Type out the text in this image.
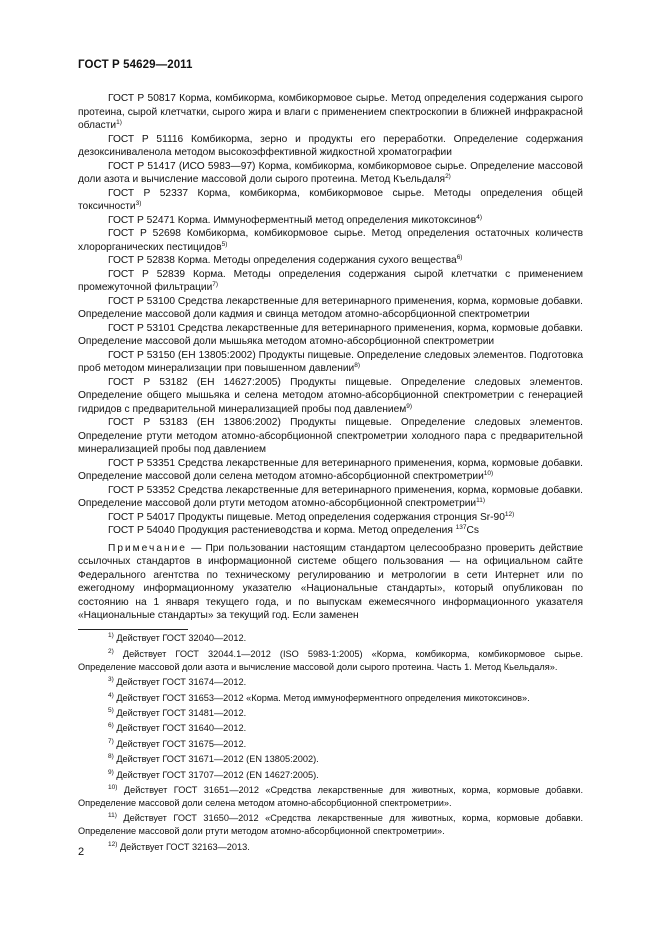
ГОСТ Р 54629—2011

ГОСТ Р 50817 Корма, комбикорма, комбикормовое сырье. Метод определения содержания сырого протеина, сырой клетчатки, сырого жира и влаги с применением спектроскопии в ближней инфракрасной области$^{1)}$

ГОСТ Р 51116 Комбикорма, зерно и продукты его переработки. Определение содержания дезоксиниваленола методом высокоэффективной жидкостной хроматографии

ГОСТ Р 51417 (ИСО 5983—97) Корма, комбикорма, комбикормовое сырье. Определение массовой доли азота и вычисление массовой доли сырого протеина. Метод Къельдаля$^{2)}$

ГОСТ Р 52337 Корма, комбикорма, комбикормовое сырье. Методы определения общей токсичности$^{3)}$

ГОСТ Р 52471 Корма. Иммуноферментный метод определения микотоксинов$^{4)}$

ГОСТ Р 52698 Комбикорма, комбикормовое сырье. Метод определения остаточных количеств хлорорганических пестицидов$^{5)}$

ГОСТ Р 52838 Корма. Методы определения содержания сухого вещества$^{6)}$

ГОСТ Р 52839 Корма. Методы определения содержания сырой клетчатки с применением промежуточной фильтрации$^{7)}$

ГОСТ Р 53100 Средства лекарственные для ветеринарного применения, корма, кормовые добавки. Определение массовой доли кадмия и свинца методом атомно-абсорбционной спектрометрии

ГОСТ Р 53101 Средства лекарственные для ветеринарного применения, корма, кормовые добавки. Определение массовой доли мышьяка методом атомно-абсорбционной спектрометрии

ГОСТ Р 53150 (ЕН 13805:2002) Продукты пищевые. Определение следовых элементов. Подготовка проб методом минерализации при повышенном давлении$^{8)}$

ГОСТ Р 53182 (ЕН 14627:2005) Продукты пищевые. Определение следовых элементов. Определение общего мышьяка и селена методом атомно-абсорбционной спектрометрии с генерацией гидридов с предварительной минерализацией пробы под давлением$^{9)}$

ГОСТ Р 53183 (ЕН 13806:2002) Продукты пищевые. Определение следовых элементов. Определение ртути методом атомно-абсорбционной спектрометрии холодного пара с предварительной минерализацией пробы под давлением

ГОСТ Р 53351 Средства лекарственные для ветеринарного применения, корма, кормовые добавки. Определение массовой доли селена методом атомно-абсорбционной спектрометрии$^{10)}$

ГОСТ Р 53352 Средства лекарственные для ветеринарного применения, корма, кормовые добавки. Определение массовой доли ртути методом атомно-абсорбционной спектрометрии$^{11)}$

ГОСТ Р 54017 Продукты пищевые. Метод определения содержания стронция Sr-90$^{12)}$

ГОСТ Р 54040 Продукция растениеводства и корма. Метод определения $^{137}$Cs

Примечание — При пользовании настоящим стандартом целесообразно проверить действие ссылочных стандартов в информационной системе общего пользования — на официальном сайте Федерального агентства по техническому регулированию и метрологии в сети Интернет или по ежегодному информационному указателю «Национальные стандарты», который опубликован по состоянию на 1 января текущего года, и по выпускам ежемесячного информационного указателя «Национальные стандарты» за текущий год. Если заменен

$^{1)}$ Действует ГОСТ 32040—2012.

$^{2)}$ Действует ГОСТ 32044.1—2012 (ISO 5983-1:2005) «Корма, комбикорма, комбикормовое сырье. Определение массовой доли азота и вычисление массовой доли сырого протеина. Часть 1. Метод Кьельдаля».

$^{3)}$ Действует ГОСТ 31674—2012.

$^{4)}$ Действует ГОСТ 31653—2012 «Корма. Метод иммуноферментного определения микотоксинов».

$^{5)}$ Действует ГОСТ 31481—2012.

$^{6)}$ Действует ГОСТ 31640—2012.

$^{7)}$ Действует ГОСТ 31675—2012.

$^{8)}$ Действует ГОСТ 31671—2012 (EN 13805:2002).

$^{9)}$ Действует ГОСТ 31707—2012 (EN 14627:2005).

$^{10)}$ Действует ГОСТ 31651—2012 «Средства лекарственные для животных, корма, кормовые добавки. Определение массовой доли селена методом атомно-абсорбционной спектрометрии».

$^{11)}$ Действует ГОСТ 31650—2012 «Средства лекарственные для животных, корма, кормовые добавки. Определение массовой доли ртути методом атомно-абсорбционной спектрометрии».

$^{12)}$ Действует ГОСТ 32163—2013.

2
